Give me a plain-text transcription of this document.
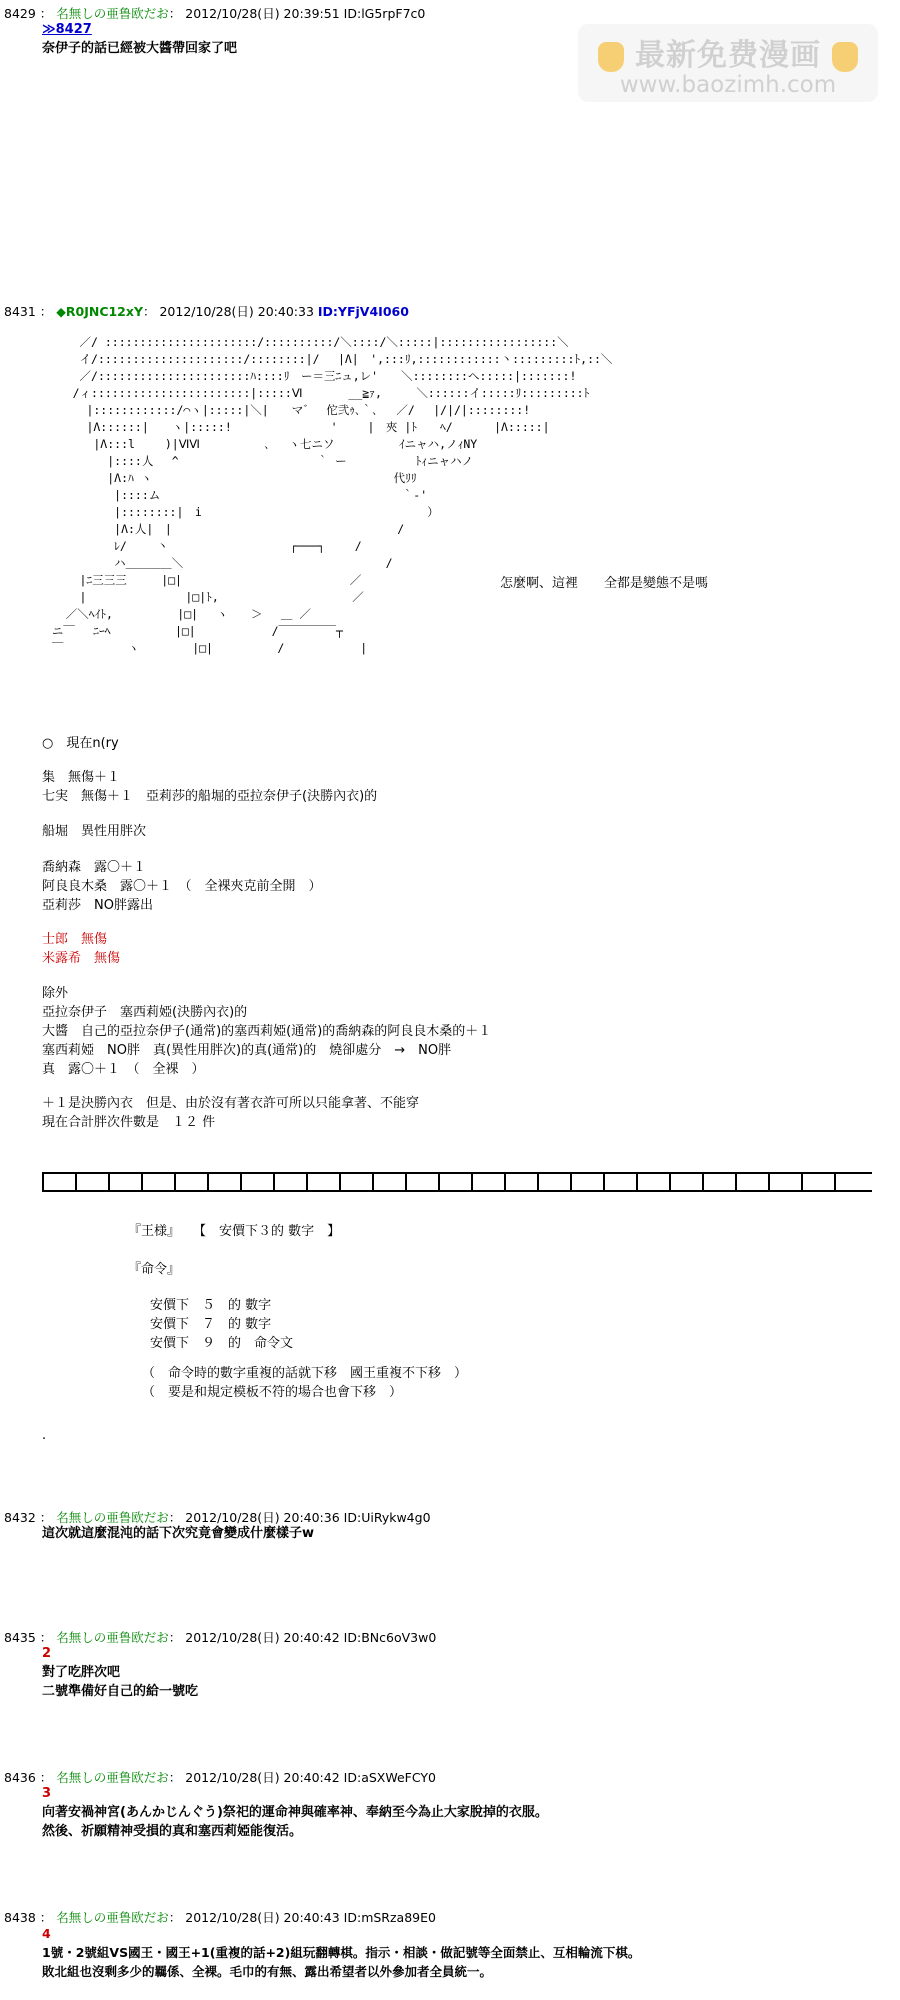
最新免费漫画
www.baozimh.com
8429 ： 名無しの亜鲁欧だお： 2012/10/28(日) 20:39:51 ID:lG5rpF7c0
≫8427
奈伊子的話已經被大醬帶回家了吧
8431 ： ◆R0JNC12xY： 2012/10/28(日) 20:40:33 ID:YFjV4I060
／/ ::::::::::::::::::::::/::::::::::/＼::::/＼:::::|:::::::::::::::::＼
イ/:::::::::::::::::::::/::::::::|/　 |Λ|　',:::ﾘ,::::::::::::丶:::::::::ﾄ,::＼
／/::::::::::::::::::::::ﾊ::::ﾘ　ー＝三ﾆュ,レ'　　＼::::::::へ:::::|:::::::!
/ィ:::::::::::::::::::::::|:::::Ⅵ　　　　__≧ｧ,　　　＼::::::イ:::::ﾘ:::::::::ﾄ
|::::::::::::/⌒ヽ|:::::|＼|　　マ゛　佗弐ｩ､｀､　 ／/　 |/|/|::::::::!
|Λ::::::|　　ヽ|:::::!　　　　　　　　 '　　 |　夾 |ﾄ　　ﾍ/　　　 |Λ:::::|
|Λ:::l　　 )|ⅥⅥ　　　　　 ､　 ヽ七ニソ　　　　　 ｲニャハ,ノｨNY
|::::人　 ^　　　　　　　　　　　　｀ ー　　　　　　ﾄｨニャハノ
|Λ:ﾊ ヽ　　　　　　　　　　　　　　　　　　　　　代ﾘﾘ
|::::ム　　　　　　　　　　　　　　　　　　　　　｀‐'
|::::::::|　i　　　　　　　　　　　　　　　　　　　 ）
|Λ:人|　|　　　　　　　　　　　　　　　　　　　 /
ﾚ/　　 丶　　　　　　　　　　 ┌───┐　　 /
ハ＿＿＿＿＼　　　　　　　　　　　　　　　　　 /
|ﾆ三三三　　　|□|　　　　　　　　　　　　　　 ／
|　　　　　　　　 |□|ﾄ,　　　　　　　　　　　 ／
／＼ﾍｲﾄ,　　　　　 |□|　 ヽ　　＞　 ＿ ／
ニ￣　 ﾆｰﾍ　　　　　 |□|　　　　　　 /￣￣￣￣￣┬
￣　　　　　 ヽ　　　　 |□|　　　　　 /　　　　　　 |
怎麼啊、這裡　　全都是變態不是嗎
○　現在n(ry
集　無傷＋１
七実　無傷＋１　亞莉莎的船堀的亞拉奈伊子(決勝內衣)的
船堀　異性用胖次
喬納森　露〇＋１
阿良良木桑　露〇＋１　（　全裸夾克前全開　）
亞莉莎　NO胖露出
士郎　無傷
米露希　無傷
除外
亞拉奈伊子　塞西莉婭(決勝內衣)的
大醬　自己的亞拉奈伊子(通常)的塞西莉婭(通常)的喬納森的阿良良木桑的＋１
塞西莉婭　NO胖　真(異性用胖次)的真(通常)的　燒卻處分　→　NO胖
真　露〇＋１　（　全裸　）
＋１是決勝內衣　但是、由於沒有著衣許可所以只能拿著、不能穿
現在合計胖次件數是　１２ 件
『王様』　　【　安價下３的 數字　】
『命令』
安價下　５　的 數字
安價下　７　的 數字
安價下　９　的　命令文
（　命令時的數字重複的話就下移　國王重複不下移　）
（　要是和規定模板不符的場合也會下移　）
.
8432 ： 名無しの亜鲁欧だお： 2012/10/28(日) 20:40:36 ID:UiRykw4g0
這次就這麼混沌的話下次究竟會變成什麼樣子w
8435 ： 名無しの亜鲁欧だお： 2012/10/28(日) 20:40:42 ID:BNc6oV3w0
2
對了吃胖次吧
二號準備好自己的給一號吃
8436 ： 名無しの亜鲁欧だお： 2012/10/28(日) 20:40:42 ID:aSXWeFCY0
3
向著安禍神宮(あんかじんぐう)祭祀的運命神與確率神、奉納至今為止大家脫掉的衣服。
然後、祈願精神受損的真和塞西莉婭能復活。
8438 ： 名無しの亜鲁欧だお： 2012/10/28(日) 20:40:43 ID:mSRza89E0
4
1號・2號組VS國王・國王+1(重複的話+2)組玩翻轉棋。指示・相談・做記號等全面禁止、互相輪流下棋。
敗北組也沒剩多少的羈係、全裸。毛巾的有無、露出希望者以外參加者全員統一。
